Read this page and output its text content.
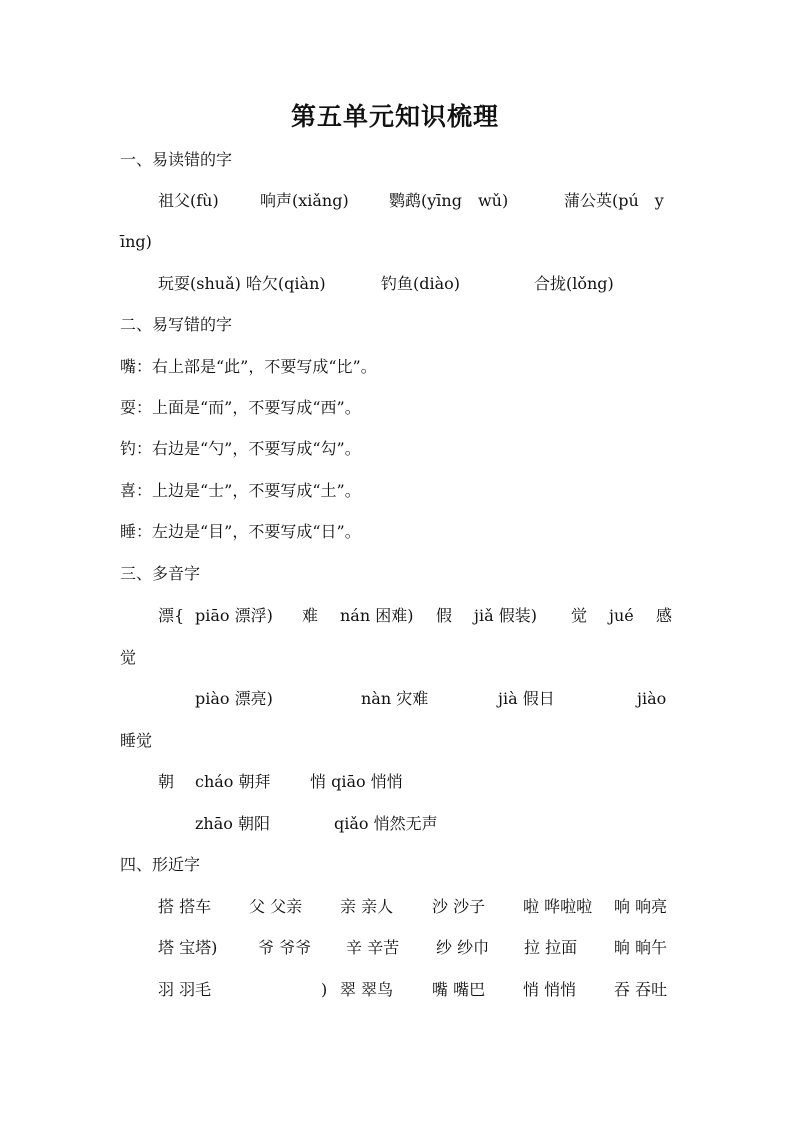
第五单元知识梳理
一、易读错的字
祖父(fù)	响声(xiǎng)	鹦鹉(yīng　wǔ)	蒲公英(pú　y
īng)
玩耍(shuǎ) 哈欠(qiàn)	钓鱼(diào)	合拢(lǒng)
二、易写错的字
嘴：右上部是“此”，不要写成“比”。
耍：上面是“而”，不要写成“西”。
钓：右边是“勺”，不要写成“勾”。
喜：上边是“士”，不要写成“土”。
睡：左边是“目”，不要写成“日”。
三、多音字
漂{ piāo 漂浮) 难 nán 困难) 假 jiǎ 假装) 觉 jué 感
觉
piào 漂亮)	nàn 灾难	jià 假日	jiào
睡觉
朝 cháo 朝拜 悄 qiāo 悄悄
zhāo 朝阳	qiǎo 悄然无声
四、形近字
搭 搭车 父 父亲 亲 亲人 沙 沙子 啦 哗啦啦 响 响亮
塔 宝塔)	爷 爷爷 辛 辛苦 纱 纱巾 拉 拉面 晌 晌午
羽 羽毛	) 翠 翠鸟 嘴 嘴巴 悄 悄悄 吞 吞吐
